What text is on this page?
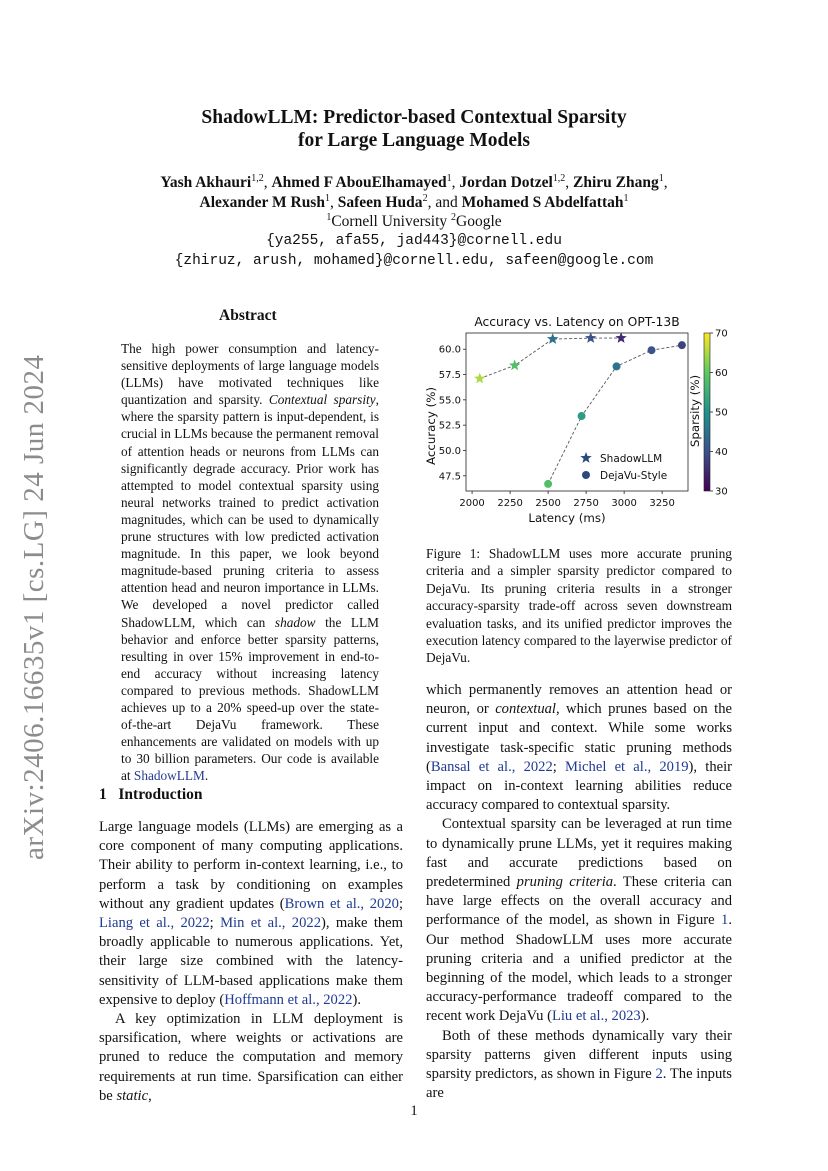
arXiv:2406.16635v1 [cs.LG] 24 Jun 2024
ShadowLLM: Predictor-based Contextual Sparsity
for Large Language Models
Yash Akhauri$^{1,2}$, Ahmed F AbouElhamayed$^1$, Jordan Dotzel$^{1,2}$, Zhiru Zhang$^1$,
Alexander M Rush$^1$, Safeen Huda$^2$, and Mohamed S Abdelfattah$^1$
$^1$Cornell University $^2$Google
{ya255, afa55, jad443}@cornell.edu
{zhiruz, arush, mohamed}@cornell.edu, safeen@google.com
Abstract
The high power consumption and latency-sensitive deployments of large language models (LLMs) have motivated techniques like quantization and sparsity. Contextual sparsity, where the sparsity pattern is input-dependent, is crucial in LLMs because the permanent removal of attention heads or neurons from LLMs can significantly degrade accuracy. Prior work has attempted to model contextual sparsity using neural networks trained to predict activation magnitudes, which can be used to dynamically prune structures with low predicted activation magnitude. In this paper, we look beyond magnitude-based pruning criteria to assess attention head and neuron importance in LLMs. We developed a novel predictor called ShadowLLM, which can shadow the LLM behavior and enforce better sparsity patterns, resulting in over 15% improvement in end-to-end accuracy without increasing latency compared to previous methods. ShadowLLM achieves up to a 20% speed-up over the state-of-the-art DejaVu framework. These enhancements are validated on models with up to 30 billion parameters. Our code is available at ShadowLLM.
1 Introduction

Large language models (LLMs) are emerging as a core component of many computing applications. Their ability to perform in-context learning, i.e., to perform a task by conditioning on examples without any gradient updates (Brown et al., 2020; Liang et al., 2022; Min et al., 2022), make them broadly applicable to numerous applications. Yet, their large size combined with the latency-sensitivity of LLM-based applications make them expensive to deploy (Hoffmann et al., 2022).

A key optimization in LLM deployment is sparsification, where weights or activations are pruned to reduce the computation and memory requirements at run time. Sparsification can either be static,

Accuracy vs. Latency on OPT-13B
2000 2250 2500 2750 3000 3250
47.5
50.0
52.5
55.0
57.5
60.0
ShadowLLM
DejaVu-Style
Latency (ms)
Accuracy (%)	Sparsity (%)
30
40
50
60
70
Figure 1: ShadowLLM uses more accurate pruning criteria and a simpler sparsity predictor compared to DejaVu. Its pruning criteria results in a stronger accuracy-sparsity trade-off across seven downstream evaluation tasks, and its unified predictor improves the execution latency compared to the layerwise predictor of DejaVu.

which permanently removes an attention head or neuron, or contextual, which prunes based on the current input and context. While some works investigate task-specific static pruning methods (Bansal et al., 2022; Michel et al., 2019), their impact on in-context learning abilities reduce accuracy compared to contextual sparsity.

Contextual sparsity can be leveraged at run time to dynamically prune LLMs, yet it requires making fast and accurate predictions based on predetermined pruning criteria. These criteria can have large effects on the overall accuracy and performance of the model, as shown in Figure 1. Our method ShadowLLM uses more accurate pruning criteria and a unified predictor at the beginning of the model, which leads to a stronger accuracy-performance tradeoff compared to the recent work DejaVu (Liu et al., 2023).

Both of these methods dynamically vary their sparsity patterns given different inputs using sparsity predictors, as shown in Figure 2. The inputs are

1
